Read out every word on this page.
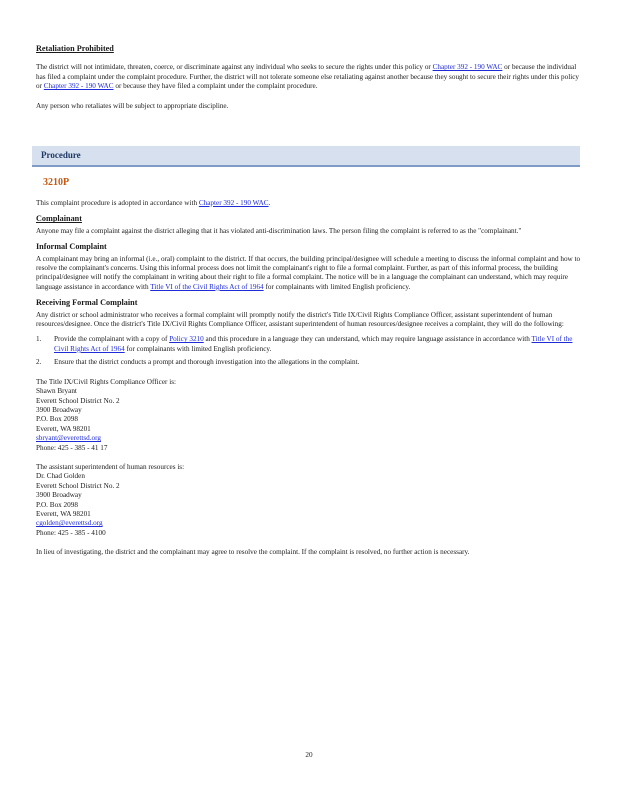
Retaliation Prohibited

The district will not intimidate, threaten, coerce, or discriminate against any individual who seeks to secure the rights under this policy or Chapter 392 - 190 WAC or because the individual has filed a complaint under the complaint procedure. Further, the district will not tolerate someone else retaliating against another because they sought to secure their rights under this policy or Chapter 392 - 190 WAC or because they have filed a complaint under the complaint procedure.

Any person who retaliates will be subject to appropriate discipline.

Procedure
3210P

This complaint procedure is adopted in accordance with Chapter 392 - 190 WAC.

Complainant

Anyone may file a complaint against the district alleging that it has violated anti-discrimination laws. The person filing the complaint is referred to as the "complainant."

Informal Complaint

A complainant may bring an informal (i.e., oral) complaint to the district. If that occurs, the building principal/designee will schedule a meeting to discuss the informal complaint and how to resolve the complainant's concerns. Using this informal process does not limit the complainant's right to file a formal complaint. Further, as part of this informal process, the building principal/designee will notify the complainant in writing about their right to file a formal complaint. The notice will be in a language the complainant can understand, which may require language assistance in accordance with Title VI of the Civil Rights Act of 1964 for complainants with limited English proficiency.

Receiving Formal Complaint

Any district or school administrator who receives a formal complaint will promptly notify the district's Title IX/Civil Rights Compliance Officer, assistant superintendent of human resources/designee. Once the district's Title IX/Civil Rights Compliance Officer, assistant superintendent of human resources/designee receives a complaint, they will do the following:

1. Provide the complainant with a copy of Policy 3210 and this procedure in a language they can understand, which may require language assistance in accordance with Title VI of the Civil Rights Act of 1964 for complainants with limited English proficiency.
2. Ensure that the district conducts a prompt and thorough investigation into the allegations in the complaint.

The Title IX/Civil Rights Compliance Officer is:

Shawn Bryant

Everett School District No. 2

3900 Broadway

P.O. Box 2098

Everett, WA 98201

sbryant@everettsd.org

Phone: 425 - 385 - 41 17

The assistant superintendent of human resources is:

Dr. Chad Golden

Everett School District No. 2

3900 Broadway

P.O. Box 2098

Everett, WA 98201

cgolden@everettsd.org

Phone: 425 - 385 - 4100

In lieu of investigating, the district and the complainant may agree to resolve the complaint. If the complaint is resolved, no further action is necessary.

20
